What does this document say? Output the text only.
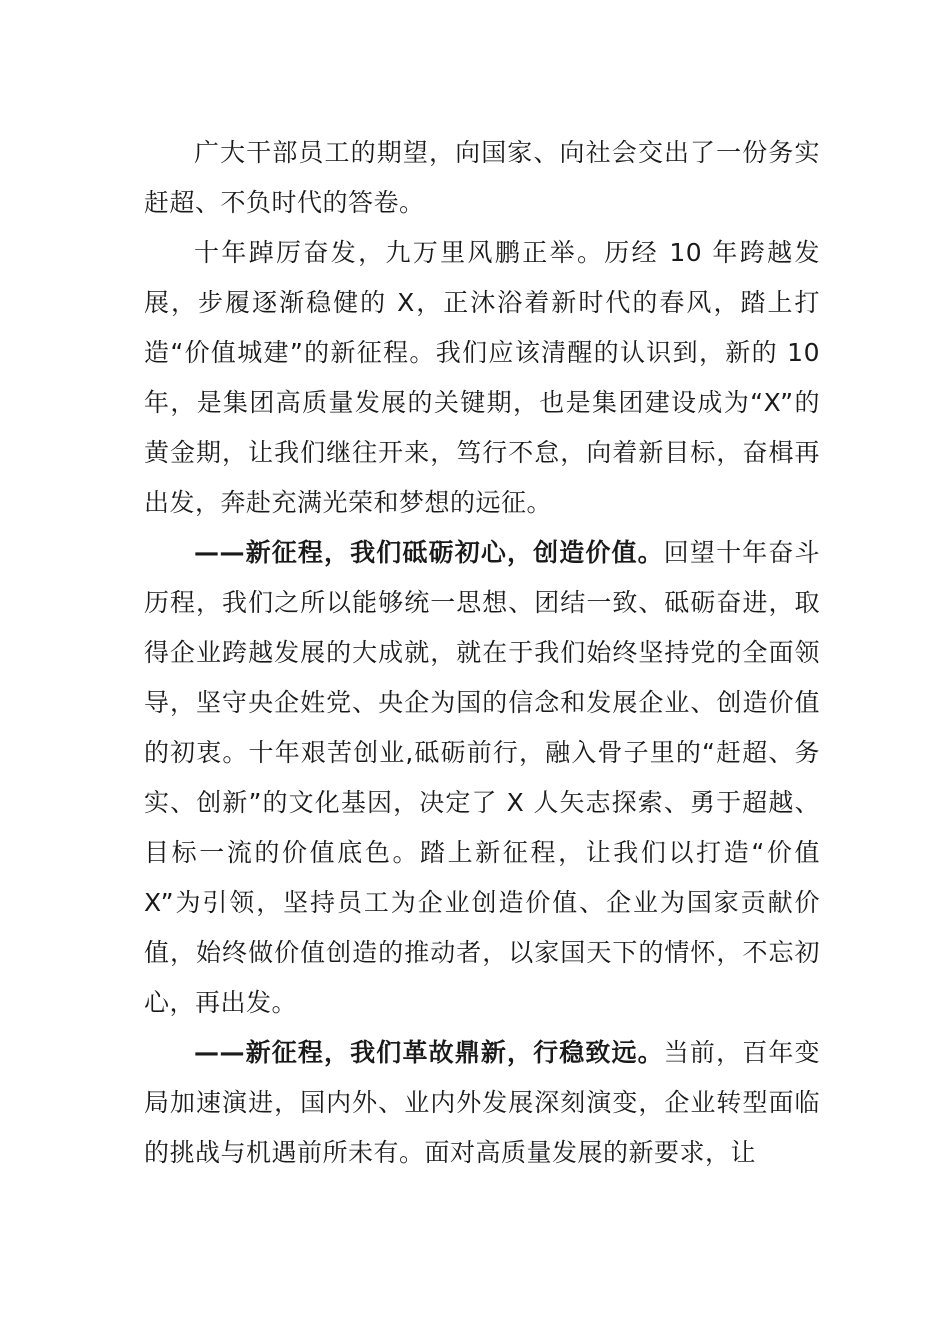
广大干部员工的期望，向国家、向社会交出了一份务实赶超、不负时代的答卷。

十年踔厉奋发，九万里风鹏正举。历经 10 年跨越发展，步履逐渐稳健的 X，正沐浴着新时代的春风，踏上打造“价值城建”的新征程。我们应该清醒的认识到，新的 10 年，是集团高质量发展的关键期，也是集团建设成为“X”的黄金期，让我们继往开来，笃行不怠，向着新目标，奋楫再出发，奔赴充满光荣和梦想的远征。

——新征程，我们砥砺初心，创造价值。回望十年奋斗历程，我们之所以能够统一思想、团结一致、砥砺奋进，取得企业跨越发展的大成就，就在于我们始终坚持党的全面领导，坚守央企姓党、央企为国的信念和发展企业、创造价值的初衷。十年艰苦创业,砥砺前行，融入骨子里的“赶超、务实、创新”的文化基因，决定了 X 人矢志探索、勇于超越、目标一流的价值底色。踏上新征程，让我们以打造“价值 X”为引领，坚持员工为企业创造价值、企业为国家贡献价值，始终做价值创造的推动者，以家国天下的情怀，不忘初心，再出发。

——新征程，我们革故鼎新，行稳致远。当前，百年变局加速演进，国内外、业内外发展深刻演变，企业转型面临的挑战与机遇前所未有。面对高质量发展的新要求，让
